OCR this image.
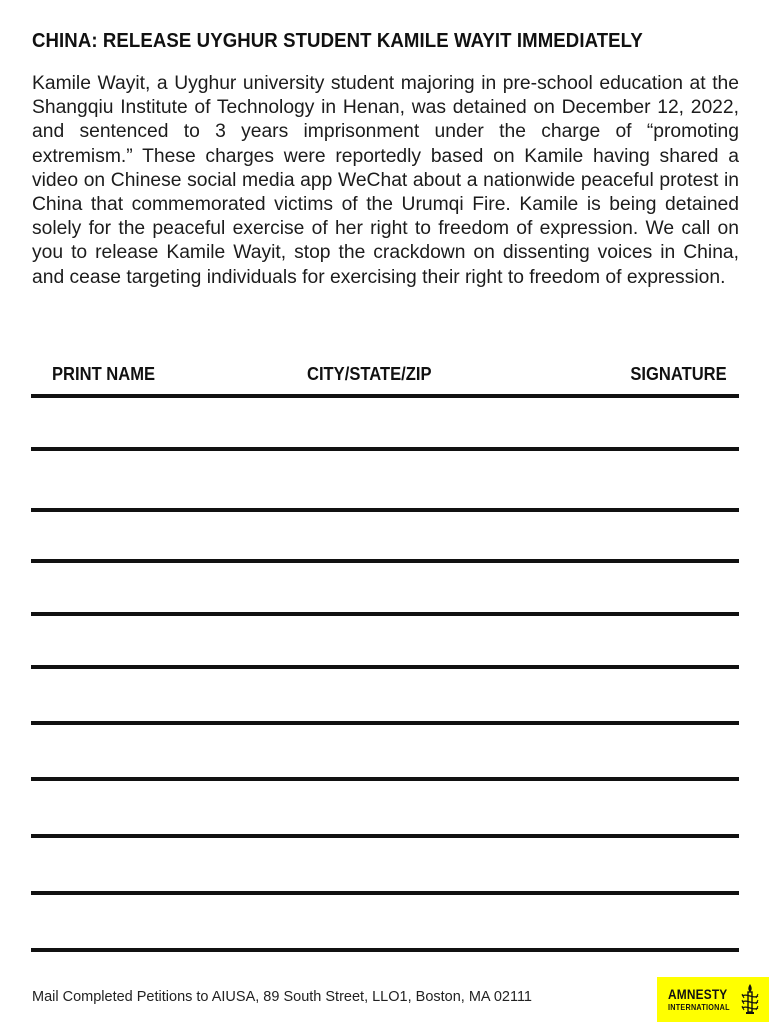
CHINA: RELEASE UYGHUR STUDENT KAMILE WAYIT IMMEDIATELY

Kamile Wayit, a Uyghur university student majoring in pre-school education at the Shangqiu Institute of Technology in Henan, was detained on December 12, 2022, and sentenced to 3 years imprisonment under the charge of “promoting extremism.” These charges were reportedly based on Kamile having shared a video on Chinese social media app WeChat about a nationwide peaceful protest in China that commemorated victims of the Urumqi Fire. Kamile is being detained solely for the peaceful exercise of her right to freedom of expression. We call on you to release Kamile Wayit, stop the crackdown on dissenting voices in China, and cease targeting individuals for exercising their right to freedom of expression.

PRINT NAME	CITY/STATE/ZIP	SIGNATURE
Mail Completed Petitions to AIUSA, 89 South Street, LLO1, Boston, MA 02111	AMNESTY
INTERNATIONAL
